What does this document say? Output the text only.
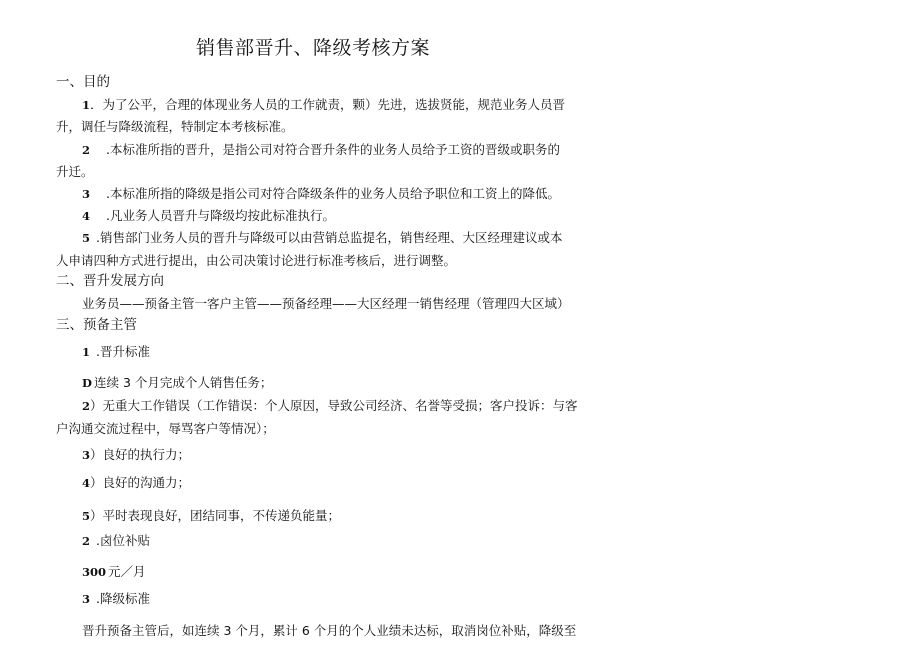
销售部晋升、降级考核方案
一、目的
1．为了公平，合理的体现业务人员的工作就责，颗）先进，选拔贤能，规范业务人员晋
升，调任与降级流程，特制定本考核标准。
2 .本标准所指的晋升，是指公司对符合晋升条件的业务人员给予工资的晋级或职务的
升迁。
3 .本标准所指的降级是指公司对符合降级条件的业务人员给予职位和工资上的降低。
4 .凡业务人员晋升与降级均按此标准执行。
5 .销售部门业务人员的晋升与降级可以由营销总监提名，销售经理、大区经理建议或本
人申请四种方式进行提出，由公司决策讨论进行标准考核后，进行调整。
二、晋升发展方向
业务员——预备主管一客户主管——预备经理——大区经理一销售经理（管理四大区域）
三、预备主管
1 .晋升标准
D 连续 3 个月完成个人销售任务；
2）无重大工作错误（工作错误：个人原因，导致公司经济、名誉等受损；客户投诉：与客
户沟通交流过程中，辱骂客户等情况）；
3）良好的执行力；
4）良好的沟通力；
5）平时表现良好，团结同事，不传递负能量；
2 .卤位补贴
300 元／月
3 .降级标准
晋升预备主管后，如连续 3 个月，累计 6 个月的个人业绩未达标，取消岗位补贴，降级至
